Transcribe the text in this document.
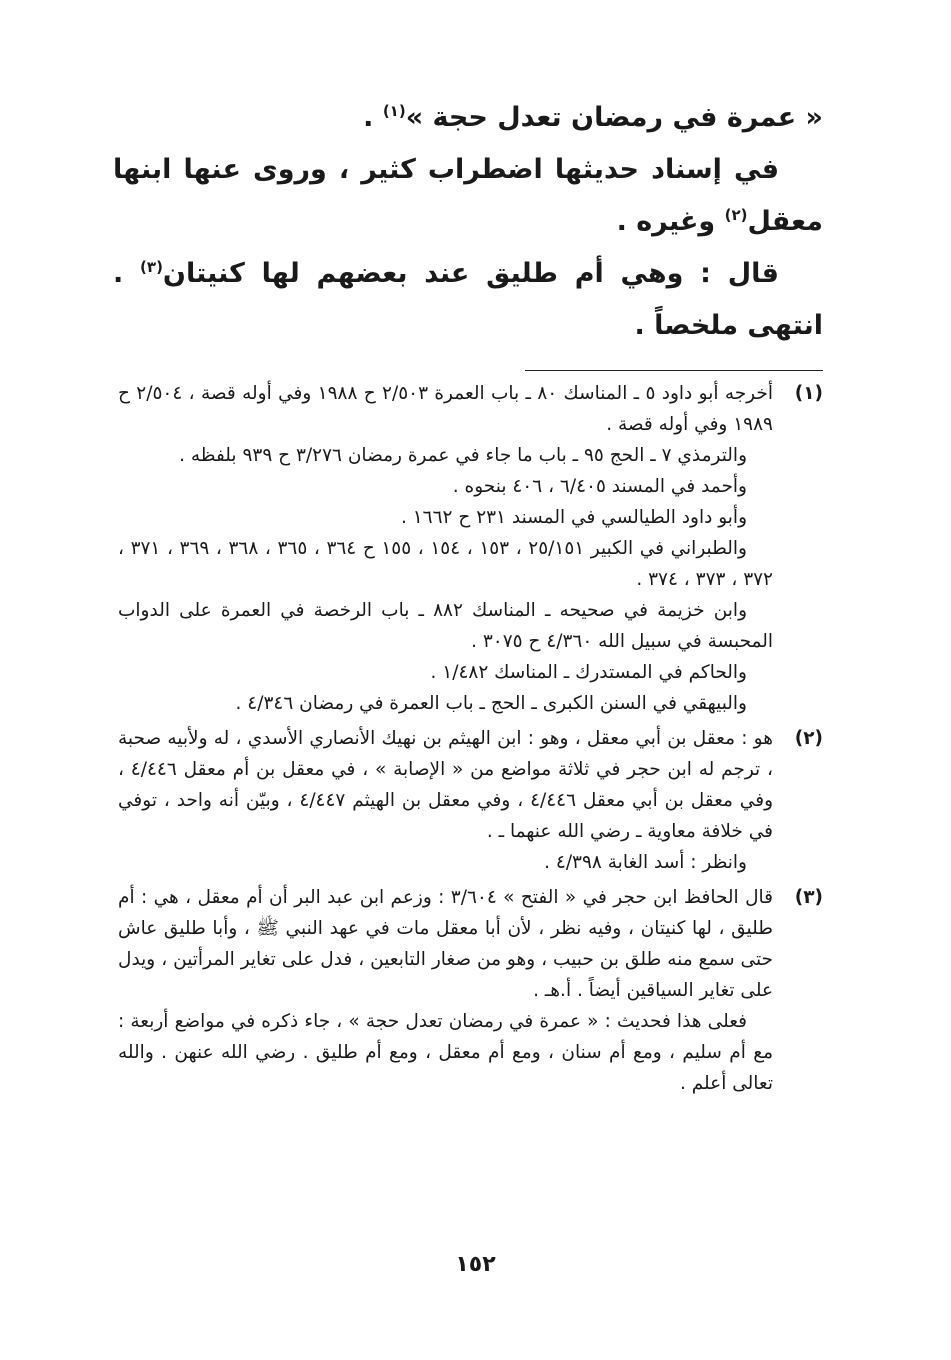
« عمرة في رمضان تعدل حجة »$^{(١)}$ .

في إسناد حديثها اضطراب كثير ، وروى عنها ابنها معقل$^{(٢)}$ وغيره .

قال : وهي أم طليق عند بعضهم لها كنيتان$^{(٣)}$ . انتهى ملخصاً .

(١)

أخرجه أبو داود ٥ ـ المناسك ٨٠ ـ باب العمرة ٢/٥٠٣ ح ١٩٨٨ وفي أوله قصة ، ٢/٥٠٤ ح ١٩٨٩ وفي أوله قصة .

والترمذي ٧ ـ الحج ٩٥ ـ باب ما جاء في عمرة رمضان ٣/٢٧٦ ح ٩٣٩ بلفظه .

وأحمد في المسند ٦/٤٠٥ ، ٤٠٦ بنحوه .

وأبو داود الطيالسي في المسند ٢٣١ ح ١٦٦٢ .

والطبراني في الكبير ٢٥/١٥١ ، ١٥٣ ، ١٥٤ ، ١٥٥ ح ٣٦٤ ، ٣٦٥ ، ٣٦٨ ، ٣٦٩ ، ٣٧١ ، ٣٧٢ ، ٣٧٣ ، ٣٧٤ .

وابن خزيمة في صحيحه ـ المناسك ٨٨٢ ـ باب الرخصة في العمرة على الدواب المحبسة في سبيل الله ٤/٣٦٠ ح ٣٠٧٥ .

والحاكم في المستدرك ـ المناسك ١/٤٨٢ .

والبيهقي في السنن الكبرى ـ الحج ـ باب العمرة في رمضان ٤/٣٤٦ .

(٢)

هو : معقل بن أبي معقل ، وهو : ابن الهيثم بن نهيك الأنصاري الأسدي ، له ولأبيه صحبة ، ترجم له ابن حجر في ثلاثة مواضع من « الإصابة » ، في معقل بن أم معقل ٤/٤٤٦ ، وفي معقل بن أبي معقل ٤/٤٤٦ ، وفي معقل بن الهيثم ٤/٤٤٧ ، وبيّن أنه واحد ، توفي في خلافة معاوية ـ رضي الله عنهما ـ .

وانظر : أسد الغابة ٤/٣٩٨ .

(٣)

قال الحافظ ابن حجر في « الفتح » ٣/٦٠٤ : وزعم ابن عبد البر أن أم معقل ، هي : أم طليق ، لها كنيتان ، وفيه نظر ، لأن أبا معقل مات في عهد النبي ﷺ ، وأبا طليق عاش حتى سمع منه طلق بن حبيب ، وهو من صغار التابعين ، فدل على تغاير المرأتين ، ويدل على تغاير السياقين أيضاً . أ.هـ .

فعلى هذا فحديث : « عمرة في رمضان تعدل حجة » ، جاء ذكره في مواضع أربعة : مع أم سليم ، ومع أم سنان ، ومع أم معقل ، ومع أم طليق . رضي الله عنهن . والله تعالى أعلم .

١٥٢
